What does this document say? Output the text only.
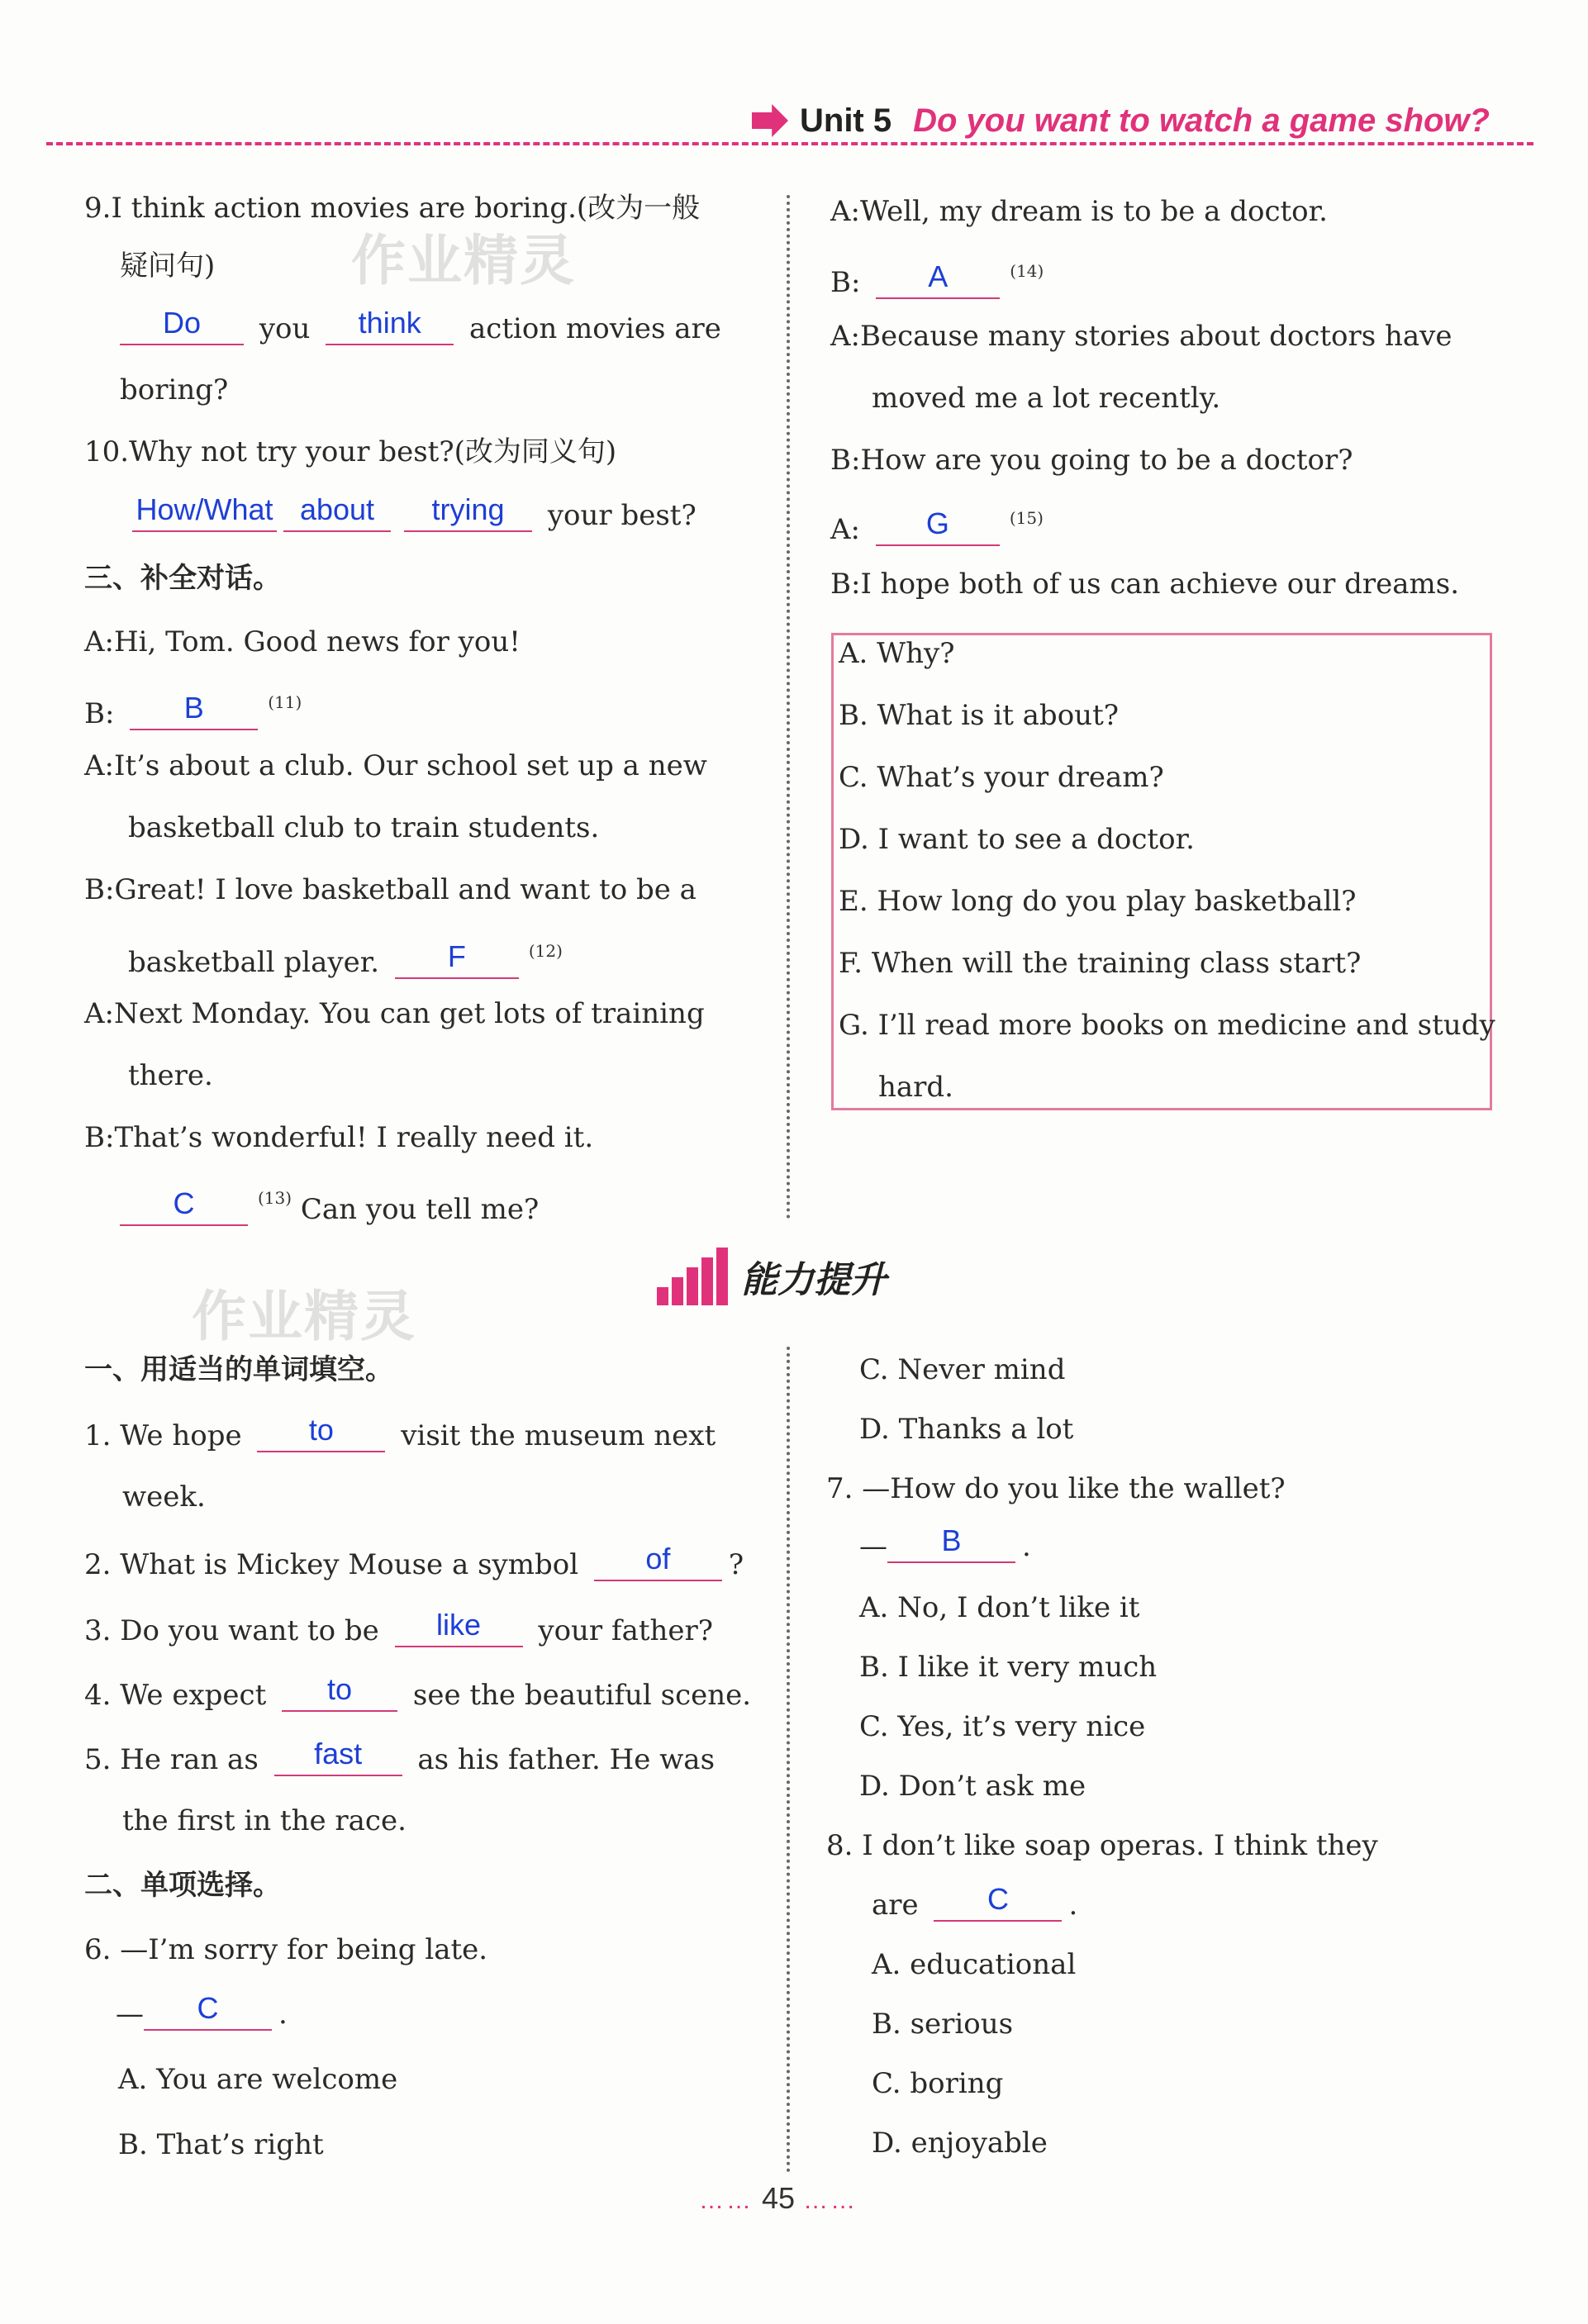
Unit 5 Do you want to watch a game show?
作业精灵
作业精灵
9.I think action movies are boring.(改为一般
疑问句)
Do you think action movies are
boring?
10.Why not try your best?(改为同义句)
How/What about trying your best?
三、补全对话。
A:Hi, Tom. Good news for you!
B: B	$^{(11)}$
A:It’s about a club. Our school set up a new
basketball club to train students.
B:Great! I love basketball and want to be a
basketball player. F	$^{(12)}$
A:Next Monday. You can get lots of training
there.
B:That’s wonderful! I really need it.
C	$^{(13)}$ Can you tell me?
A:Well, my dream is to be a doctor.
B: A	$^{(14)}$
A:Because many stories about doctors have
moved me a lot recently.
B:How are you going to be a doctor?
A: G	$^{(15)}$
B:I hope both of us can achieve our dreams.
A. Why?
B. What is it about?
C. What’s your dream?
D. I want to see a doctor.
E. How long do you play basketball?
F. When will the training class start?
G. I’ll read more books on medicine and study
hard.
能力提升
一、用适当的单词填空。
1. We hope to visit the museum next
week.
2. What is Mickey Mouse a symbol of ?
3. Do you want to be like your father?
4. We expect to see the beautiful scene.
5. He ran as fast as his father. He was
the first in the race.
二、单项选择。
6. —I’m sorry for being late.
— C .
A. You are welcome
B. That’s right
C. Never mind
D. Thanks a lot
7. —How do you like the wallet?
— B .
A. No, I don’t like it
B. I like it very much
C. Yes, it’s very nice
D. Don’t ask me
8. I don’t like soap operas. I think they
are C .
A. educational
B. serious
C. boring
D. enjoyable
…… 45 ……
